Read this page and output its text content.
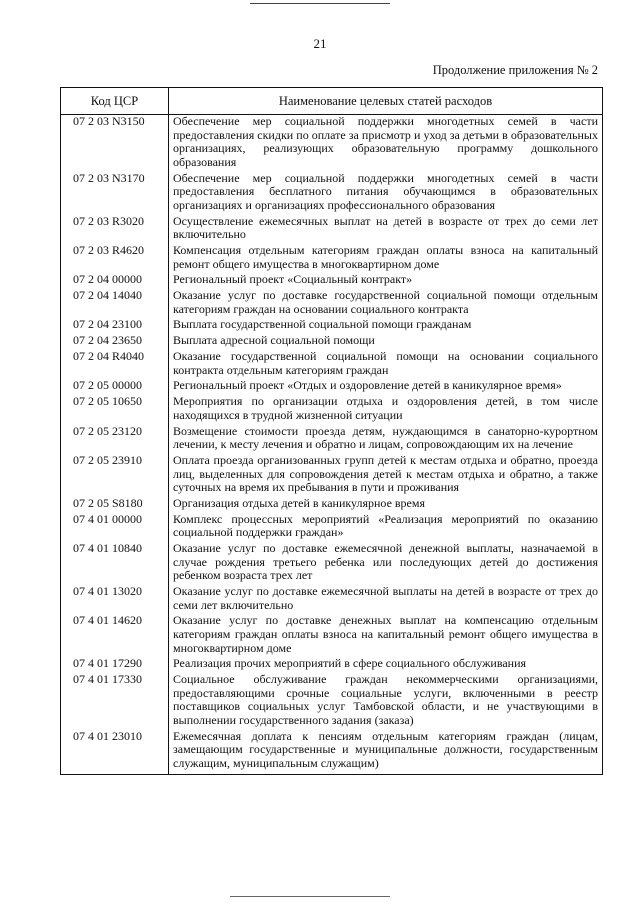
21
Продолжение приложения № 2
Код ЦСР	Наименование целевых статей расходов
07 2 03 N3150	Обеспечение мер социальной поддержки многодетных семей в части предоставления скидки по оплате за присмотр и уход за детьми в образовательных организациях, реализующих образовательную программу дошкольного образования
07 2 03 N3170	Обеспечение мер социальной поддержки многодетных семей в части предоставления бесплатного питания обучающимся в образовательных организациях и организациях профессионального образования
07 2 03 R3020	Осуществление ежемесячных выплат на детей в возрасте от трех до семи лет включительно
07 2 03 R4620	Компенсация отдельным категориям граждан оплаты взноса на капитальный ремонт общего имущества в многоквартирном доме
07 2 04 00000	Региональный проект «Социальный контракт»
07 2 04 14040	Оказание услуг по доставке государственной социальной помощи отдельным категориям граждан на основании социального контракта
07 2 04 23100	Выплата государственной социальной помощи гражданам
07 2 04 23650	Выплата адресной социальной помощи
07 2 04 R4040	Оказание государственной социальной помощи на основании социального контракта отдельным категориям граждан
07 2 05 00000	Региональный проект «Отдых и оздоровление детей в каникулярное время»
07 2 05 10650	Мероприятия по организации отдыха и оздоровления детей, в том числе находящихся в трудной жизненной ситуации
07 2 05 23120	Возмещение стоимости проезда детям, нуждающимся в санаторно-курортном лечении, к месту лечения и обратно и лицам, сопровождающим их на лечение
07 2 05 23910	Оплата проезда организованных групп детей к местам отдыха и обратно, проезда лиц, выделенных для сопровождения детей к местам отдыха и обратно, а также суточных на время их пребывания в пути и проживания
07 2 05 S8180	Организация отдыха детей в каникулярное время
07 4 01 00000	Комплекс процессных мероприятий «Реализация мероприятий по оказанию социальной поддержки граждан»
07 4 01 10840	Оказание услуг по доставке ежемесячной денежной выплаты, назначаемой в случае рождения третьего ребенка или последующих детей до достижения ребенком возраста трех лет
07 4 01 13020	Оказание услуг по доставке ежемесячной выплаты на детей в возрасте от трех до семи лет включительно
07 4 01 14620	Оказание услуг по доставке денежных выплат на компенсацию отдельным категориям граждан оплаты взноса на капитальный ремонт общего имущества в многоквартирном доме
07 4 01 17290	Реализация прочих мероприятий в сфере социального обслуживания
07 4 01 17330	Социальное обслуживание граждан некоммерческими организациями, предоставляющими срочные социальные услуги, включенными в реестр поставщиков социальных услуг Тамбовской области, и не участвующими в выполнении государственного задания (заказа)
07 4 01 23010	Ежемесячная доплата к пенсиям отдельным категориям граждан (лицам, замещающим государственные и муниципальные должности, государственным служащим, муниципальным служащим)
